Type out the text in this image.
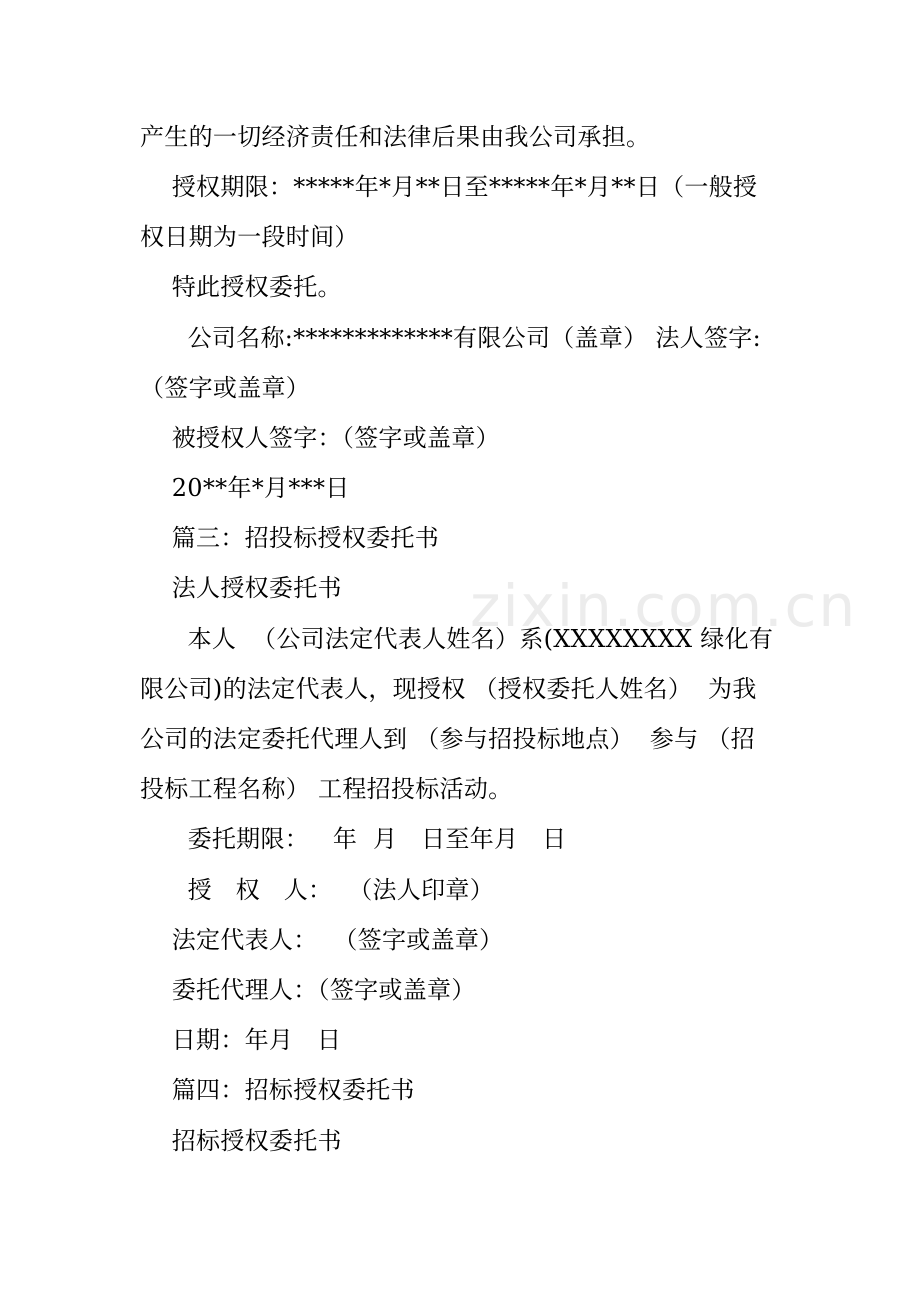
zixin.com.cn
产生的一切经济责任和法律后果由我公司承担。
授权期限：*****年*月**日至*****年*月**日（一般授
权日期为一段时间）
特此授权委托。
公司名称:*************有限公司（盖章） 法人签字:
（签字或盖章）
被授权人签字：（签字或盖章）
20**年*月***日
篇三：招投标授权委托书
法人授权委托书
本人  （公司法定代表人姓名）系(XXXXXXXX 绿化有
限公司)的法定代表人，现授权 （授权委托人姓名）  为我
公司的法定委托代理人到 （参与招投标地点）  参与 （招
投标工程名称） 工程招投标活动。
委托期限：   年  月   日至年月   日
授   权   人：  （法人印章）
法定代表人：  （签字或盖章）
委托代理人：（签字或盖章）
日期：年月   日
篇四：招标授权委托书
招标授权委托书
